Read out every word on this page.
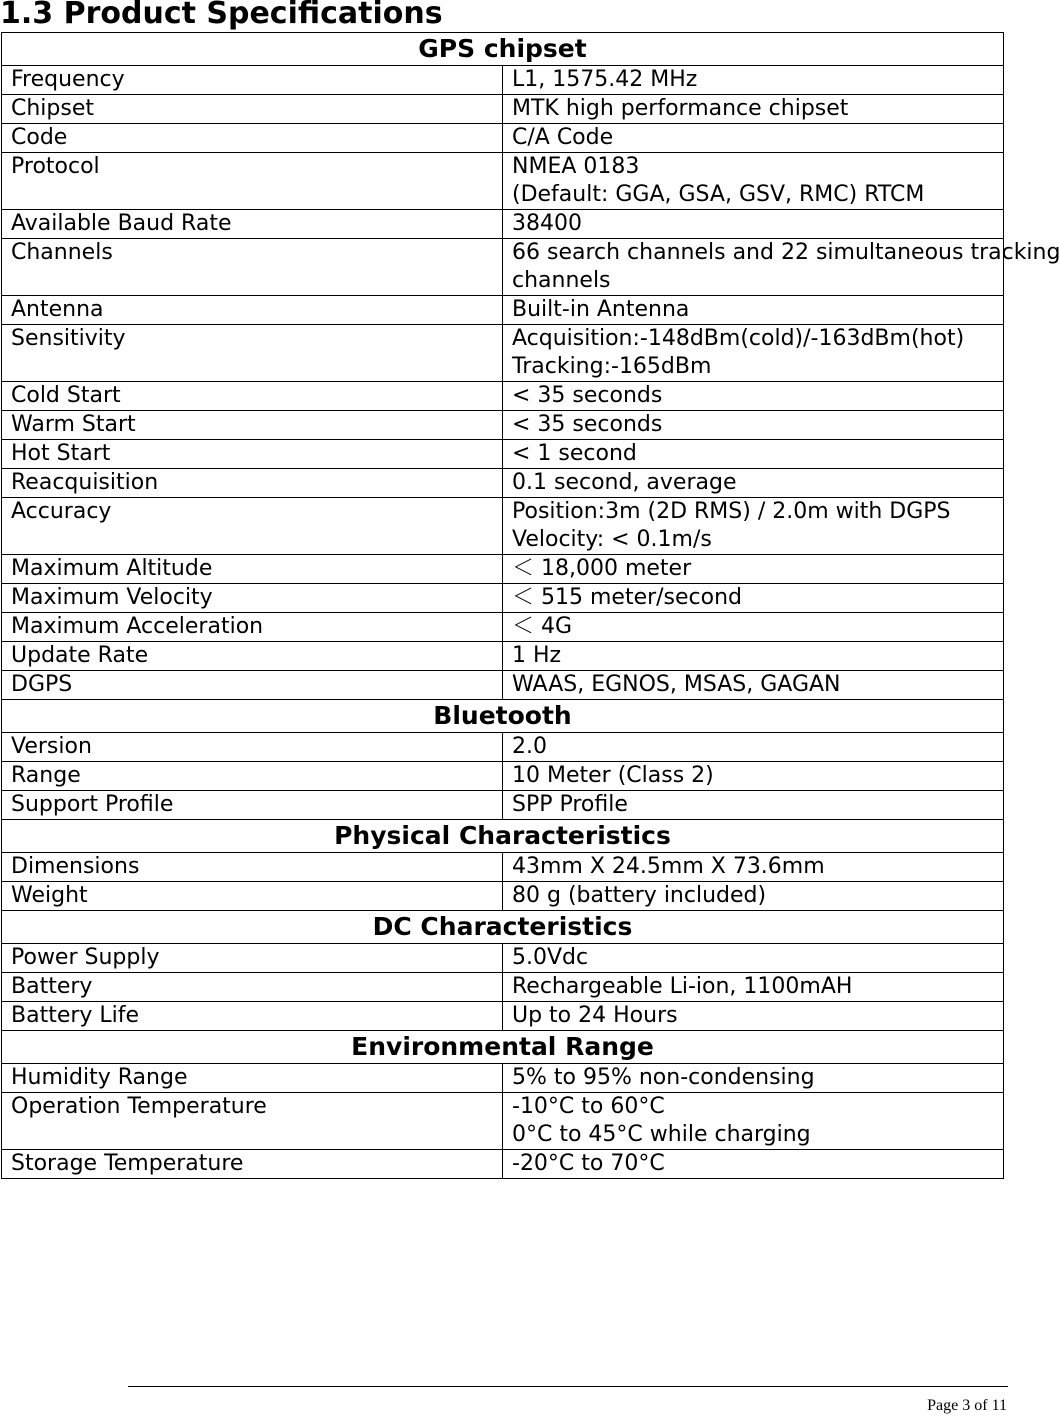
1.3 Product Specifications
GPS chipset	
Frequency	L1, 1575.42 MHz

Chipset	MTK high performance chipset

Code	C/A Code

Protocol	NMEA 0183
(Default: GGA, GSA, GSV, RMC) RTCM

Available Baud Rate	38400

Channels	66 search channels and 22 simultaneous tracking
channels

Antenna	Built-in Antenna

Sensitivity	Acquisition:-148dBm(cold)/-163dBm(hot)
Tracking:-165dBm

Cold Start	< 35 seconds

Warm Start	< 35 seconds

Hot Start	< 1 second

Reacquisition	0.1 second, average

Accuracy	Position:3m (2D RMS) / 2.0m with DGPS
Velocity: < 0.1m/s

Maximum Altitude	＜ 18,000 meter

Maximum Velocity	＜ 515 meter/second

Maximum Acceleration	＜ 4G

Update Rate	1 Hz

DGPS	WAAS, EGNOS, MSAS, GAGAN

Bluetooth	
Version	2.0

Range	10 Meter (Class 2)

Support Profile	SPP Profile

Physical Characteristics	
Dimensions	43mm X 24.5mm X 73.6mm

Weight	80 g (battery included)

DC Characteristics	
Power Supply	5.0Vdc

Battery	Rechargeable Li-ion, 1100mAH

Battery Life	Up to 24 Hours

Environmental Range	
Humidity Range	5% to 95% non-condensing

Operation Temperature	-10°C to 60°C
0°C to 45°C while charging

Storage Temperature	-20°C to 70°C
Page 3 of 11
